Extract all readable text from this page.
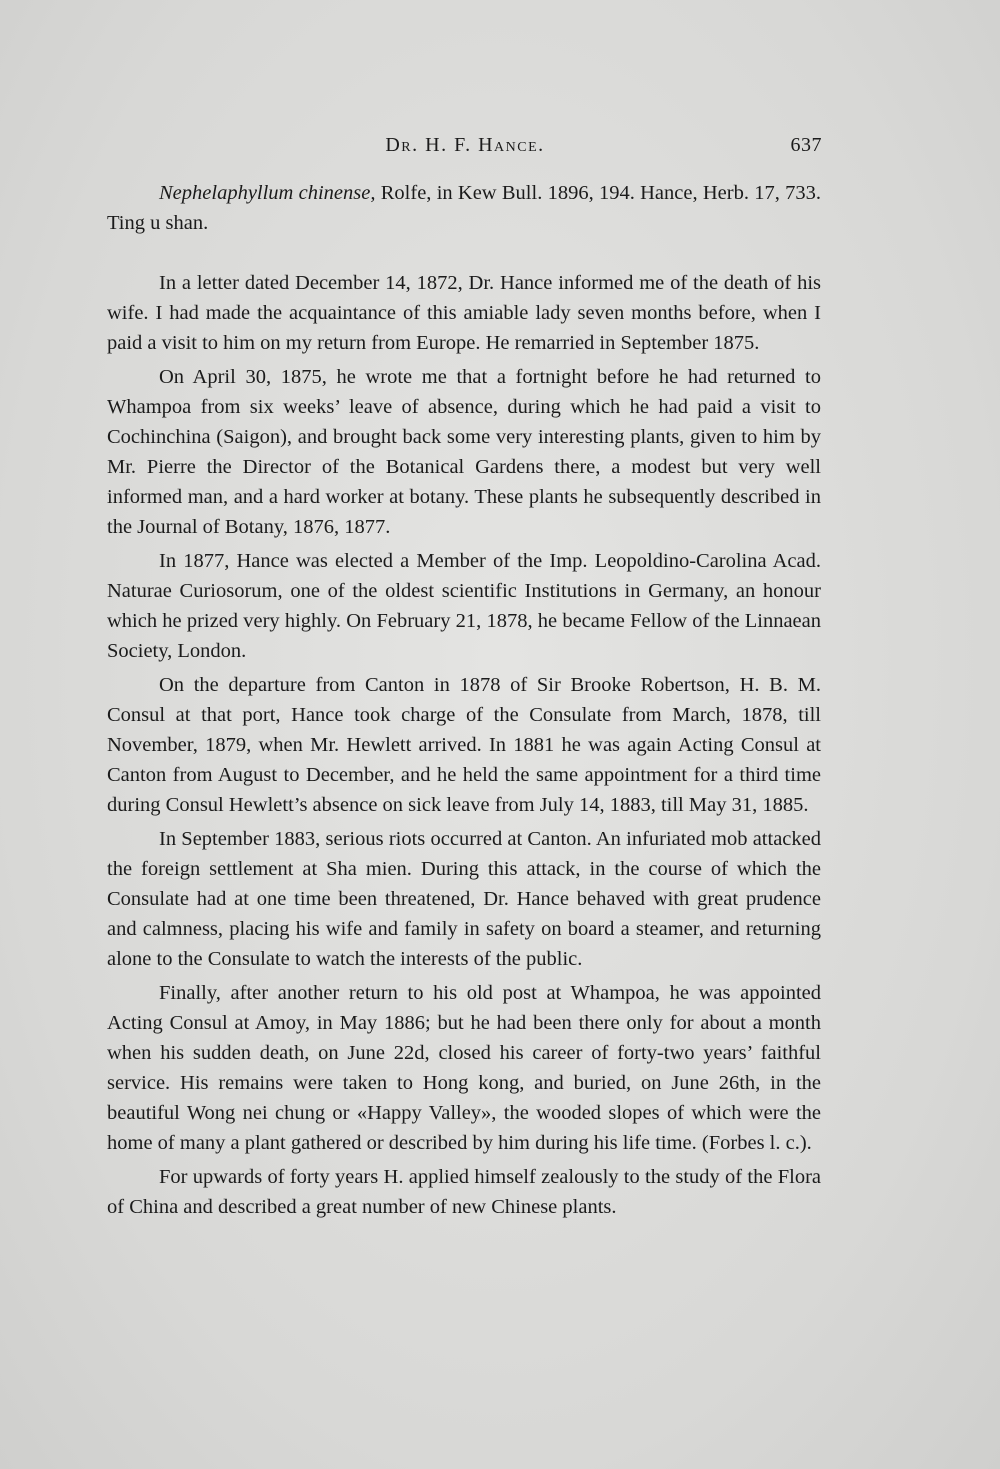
Dr. H. F. Hance.	637

Nephelaphyllum chinense, Rolfe, in Kew Bull. 1896, 194. Hance, Herb. 17, 733. Ting u shan.

In a letter dated December 14, 1872, Dr. Hance informed me of the death of his wife. I had made the acquaintance of this amiable lady seven months before, when I paid a visit to him on my return from Europe. He remarried in September 1875.

On April 30, 1875, he wrote me that a fortnight before he had returned to Whampoa from six weeks’ leave of absence, during which he had paid a visit to Cochinchina (Saigon), and brought back some very interesting plants, given to him by Mr. Pierre the Director of the Botanical Gardens there, a modest but very well informed man, and a hard worker at botany. These plants he subsequently described in the Journal of Botany, 1876, 1877.

In 1877, Hance was elected a Member of the Imp. Leopoldino-Carolina Acad. Naturae Curiosorum, one of the oldest scientific Institutions in Germany, an honour which he prized very highly. On February 21, 1878, he became Fellow of the Linnaean Society, London.

On the departure from Canton in 1878 of Sir Brooke Robertson, H. B. M. Consul at that port, Hance took charge of the Consulate from March, 1878, till November, 1879, when Mr. Hewlett arrived. In 1881 he was again Acting Consul at Canton from August to December, and he held the same appointment for a third time during Consul Hewlett’s absence on sick leave from July 14, 1883, till May 31, 1885.

In September 1883, serious riots occurred at Canton. An infuriated mob attacked the foreign settlement at Sha mien. During this attack, in the course of which the Consulate had at one time been threatened, Dr. Hance behaved with great prudence and calmness, placing his wife and family in safety on board a steamer, and returning alone to the Consulate to watch the interests of the public.

Finally, after another return to his old post at Whampoa, he was appointed Acting Consul at Amoy, in May 1886; but he had been there only for about a month when his sudden death, on June 22d, closed his career of forty-two years’ faithful service. His remains were taken to Hong kong, and buried, on June 26th, in the beautiful Wong nei chung or «Happy Valley», the wooded slopes of which were the home of many a plant gathered or described by him during his life time. (Forbes l. c.).

For upwards of forty years H. applied himself zealously to the study of the Flora of China and described a great number of new Chinese plants.
